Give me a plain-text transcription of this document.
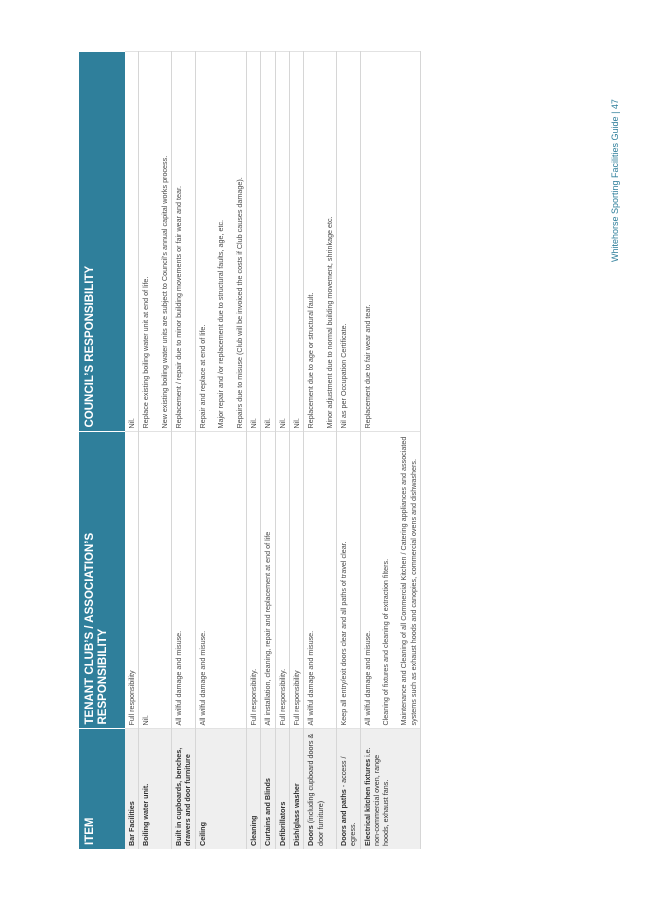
ITEM	TENANT CLUB’S / ASSOCIATION’S RESPONSIBILITY	COUNCIL’S RESPONSIBILITY
Bar Facilities	Full responsibility	Nil.

Boiling water unit.	Nil.	Replace existing boiling water unit at end of life. New existing boiling water units are subject to Council’s annual capital works process.

Built in cupboards, benches, drawers and door furniture	All wilful damage and misuse.	Replacement / repair due to minor building movements or fair wear and tear.

Ceiling	All wilful damage and misuse.	Repair and replace at end of life. Major repair and /or replacement due to structural faults, age, etc. Repairs due to misuse (Club will be invoiced the costs if Club causes damage).

Cleaning	Full responsibility.	Nil.

Curtains and Blinds	All installation, cleaning, repair and replacement at end of life	Nil.

Defibrillators	Full responsibility.	Nil.

Dish/glass washer	Full responsibility	Nil.

Doors (including cupboard doors & door furniture)	All wilful damage and misuse.	Replacement due to age or structural fault. Minor adjustment due to normal building movement, shrinkage etc.

Doors and paths - access / egress.	Keep all entry/exit doors clear and all paths of travel clear.	Nil as per Occupation Certificate.

Electrical kitchen fixtures i.e. non-commercial oven, range hoods, exhaust fans.	All wilful damage and misuse. Cleaning of fixtures and cleaning of extraction filters. Maintenance and Cleaning of all Commercial Kitchen / Catering appliances and associated systems such as exhaust hoods and canopies, commercial ovens and dishwashers.	Replacement due to fair wear and tear.

Whitehorse Sporting Facilities Guide | 47
